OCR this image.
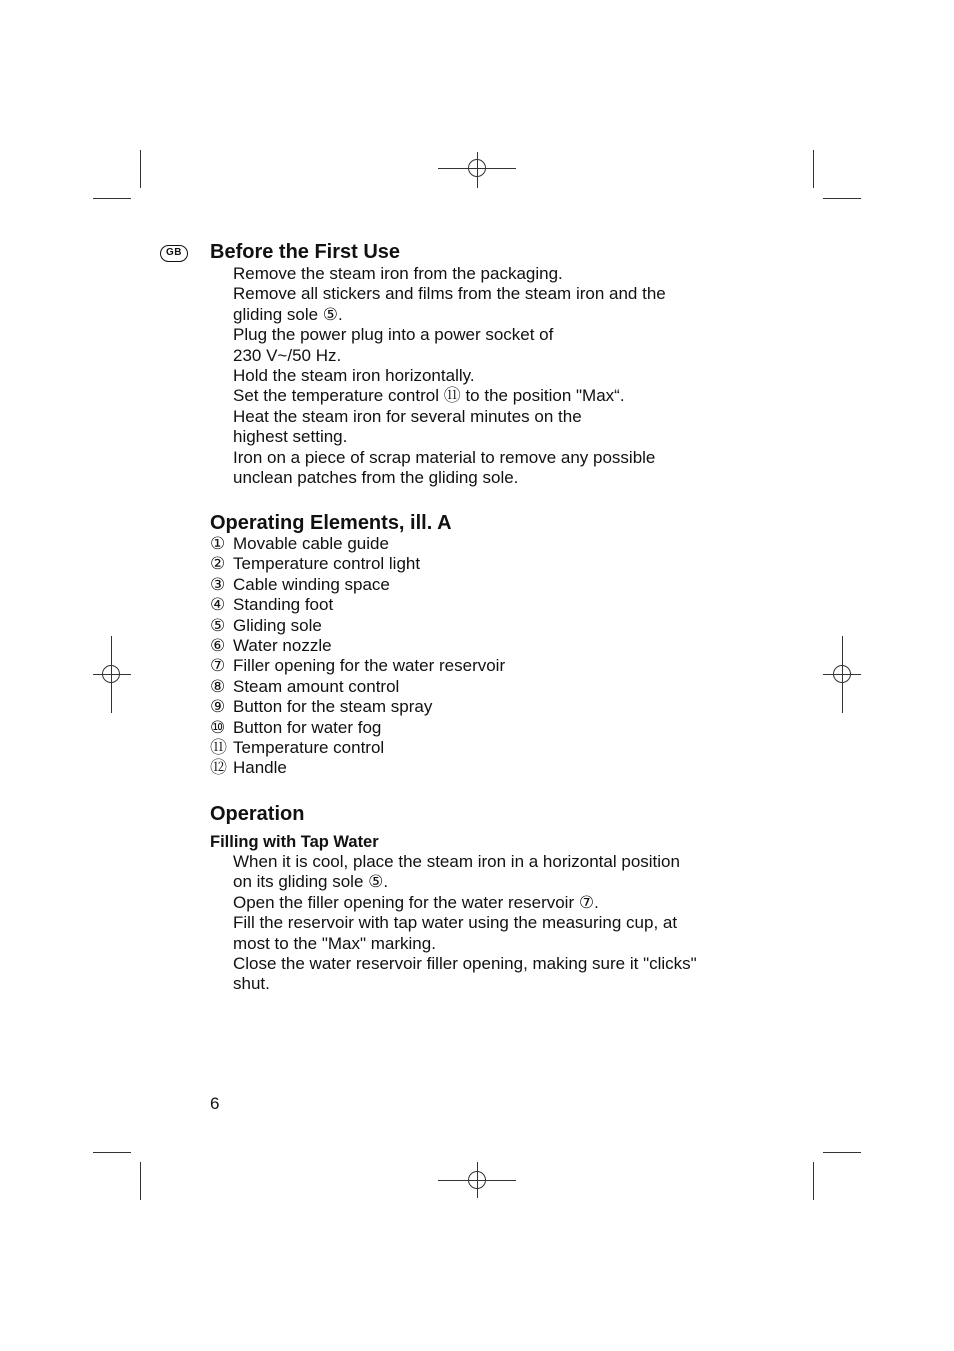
GB	Before the First Use
Remove the steam iron from the packaging.
Remove all stickers and films from the steam iron and the
gliding sole ⑤.
Plug the power plug into a power socket of
230 V~/50 Hz.
Hold the steam iron horizontally.
Set the temperature control ⑪ to the position "Max“.
Heat the steam iron for several minutes on the
highest setting.
Iron on a piece of scrap material to remove any possible
unclean patches from the gliding sole.
Operating Elements, ill. A
① Movable cable guide
② Temperature control light
③ Cable winding space
④ Standing foot
⑤ Gliding sole
⑥ Water nozzle
⑦ Filler opening for the water reservoir
⑧ Steam amount control
⑨ Button for the steam spray
⑩ Button for water fog
⑪ Temperature control
⑫ Handle
Operation
Filling with Tap Water
When it is cool, place the steam iron in a horizontal position
on its gliding sole ⑤.
Open the filler opening for the water reservoir ⑦.
Fill the reservoir with tap water using the measuring cup, at
most to the "Max" marking.
Close the water reservoir filler opening, making sure it "clicks"
shut.
6
